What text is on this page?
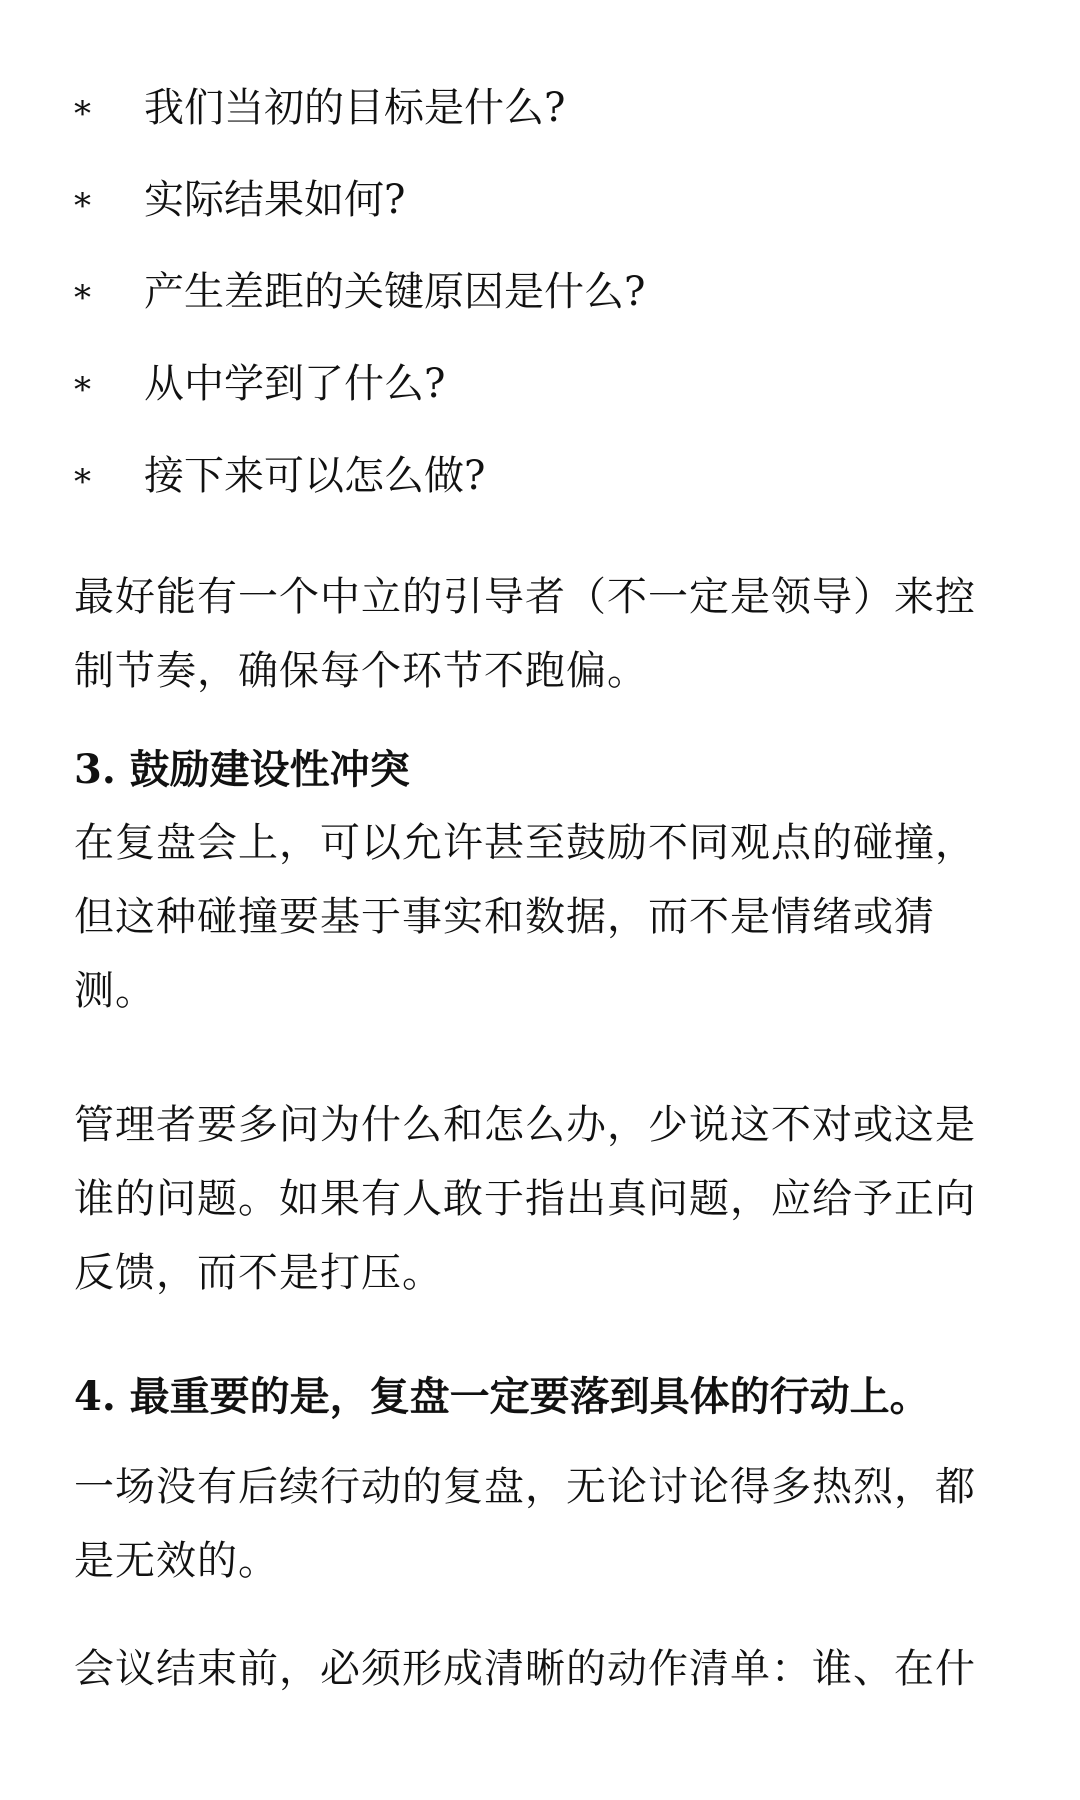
* 我们当初的目标是什么?
* 实际结果如何?
* 产生差距的关键原因是什么?
* 从中学到了什么?
* 接下来可以怎么做?

最好能有一个中立的引导者（不一定是领导）来控制节奏，确保每个环节不跑偏。

3. 鼓励建设性冲突

在复盘会上，可以允许甚至鼓励不同观点的碰撞，但这种碰撞要基于事实和数据，而不是情绪或猜测。

管理者要多问为什么和怎么办，少说这不对或这是谁的问题。如果有人敢于指出真问题，应给予正向反馈，而不是打压。

4. 最重要的是，复盘一定要落到具体的行动上。

一场没有后续行动的复盘，无论讨论得多热烈，都是无效的。

会议结束前，必须形成清晰的动作清单：谁、在什
